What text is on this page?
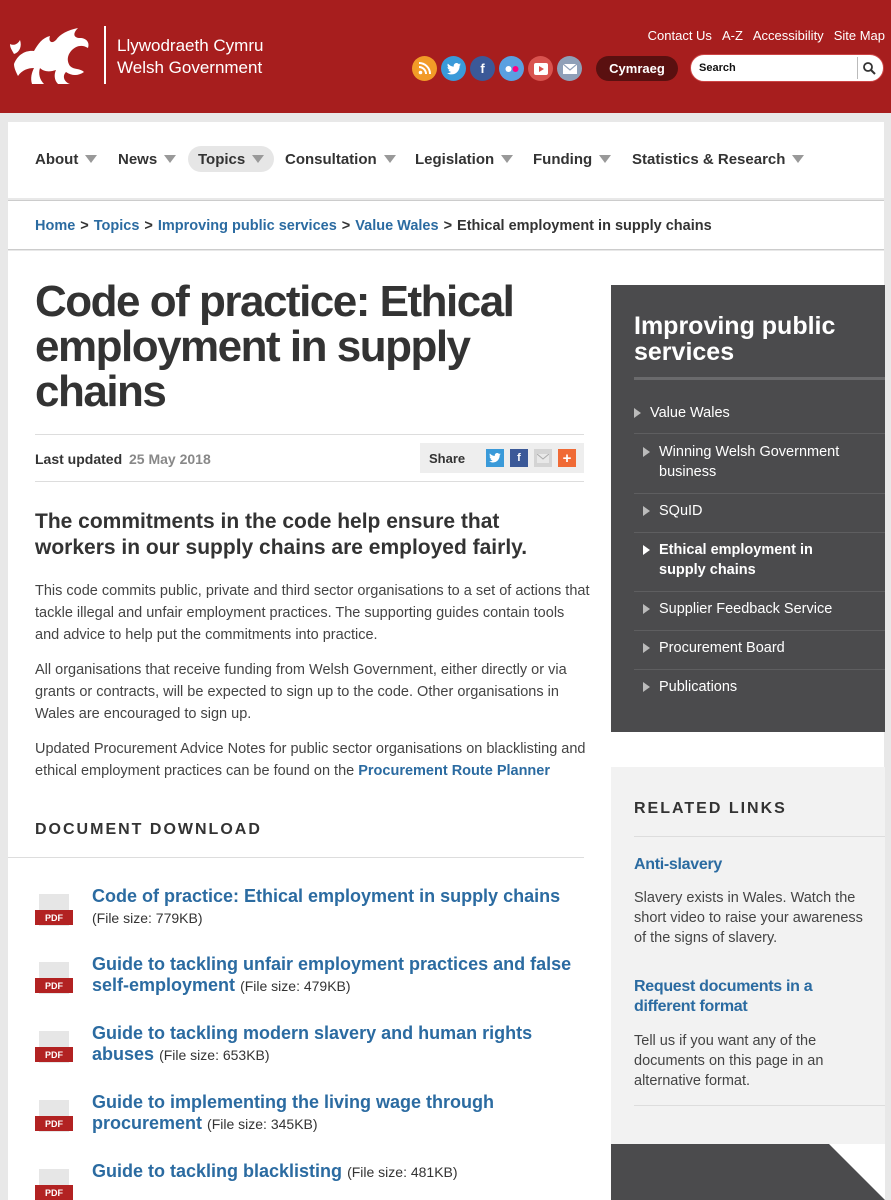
Llywodraeth Cymru
Welsh Government
Contact Us A-Z Accessibility Site Map
f	Cymraeg
Search
About	News	Topics	Consultation	Legislation	Funding	Statistics & Research
Home > Topics > Improving public services > Value Wales > Ethical employment in supply chains
Code of practice: Ethical employment in supply chains
Last updated 25 May 2018	Share	f	+

The commitments in the code help ensure that workers in our supply chains are employed fairly.

This code commits public, private and third sector organisations to a set of actions that tackle illegal and unfair employment practices. The supporting guides contain tools and advice to help put the commitments into practice.

All organisations that receive funding from Welsh Government, either directly or via grants or contracts, will be expected to sign up to the code. Other organisations in Wales are encouraged to sign up.

Updated Procurement Advice Notes for public sector organisations on blacklisting and ethical employment practices can be found on the Procurement Route Planner

DOCUMENT DOWNLOAD
PDF
Code of practice: Ethical employment in supply chains
(File size: 779KB)
PDF
Guide to tackling unfair employment practices and false self-employment (File size: 479KB)
PDF
Guide to tackling modern slavery and human rights abuses (File size: 653KB)
PDF
Guide to implementing the living wage through procurement (File size: 345KB)
PDF
Guide to tackling blacklisting (File size: 481KB)
Improving public services
Value Wales
Winning Welsh Government business
SQuID
Ethical employment in supply chains
Supplier Feedback Service
Procurement Board
Publications
RELATED LINKS
Anti-slavery

Slavery exists in Wales. Watch the short video to raise your awareness of the signs of slavery.

Request documents in a different format

Tell us if you want any of the documents on this page in an alternative format.
